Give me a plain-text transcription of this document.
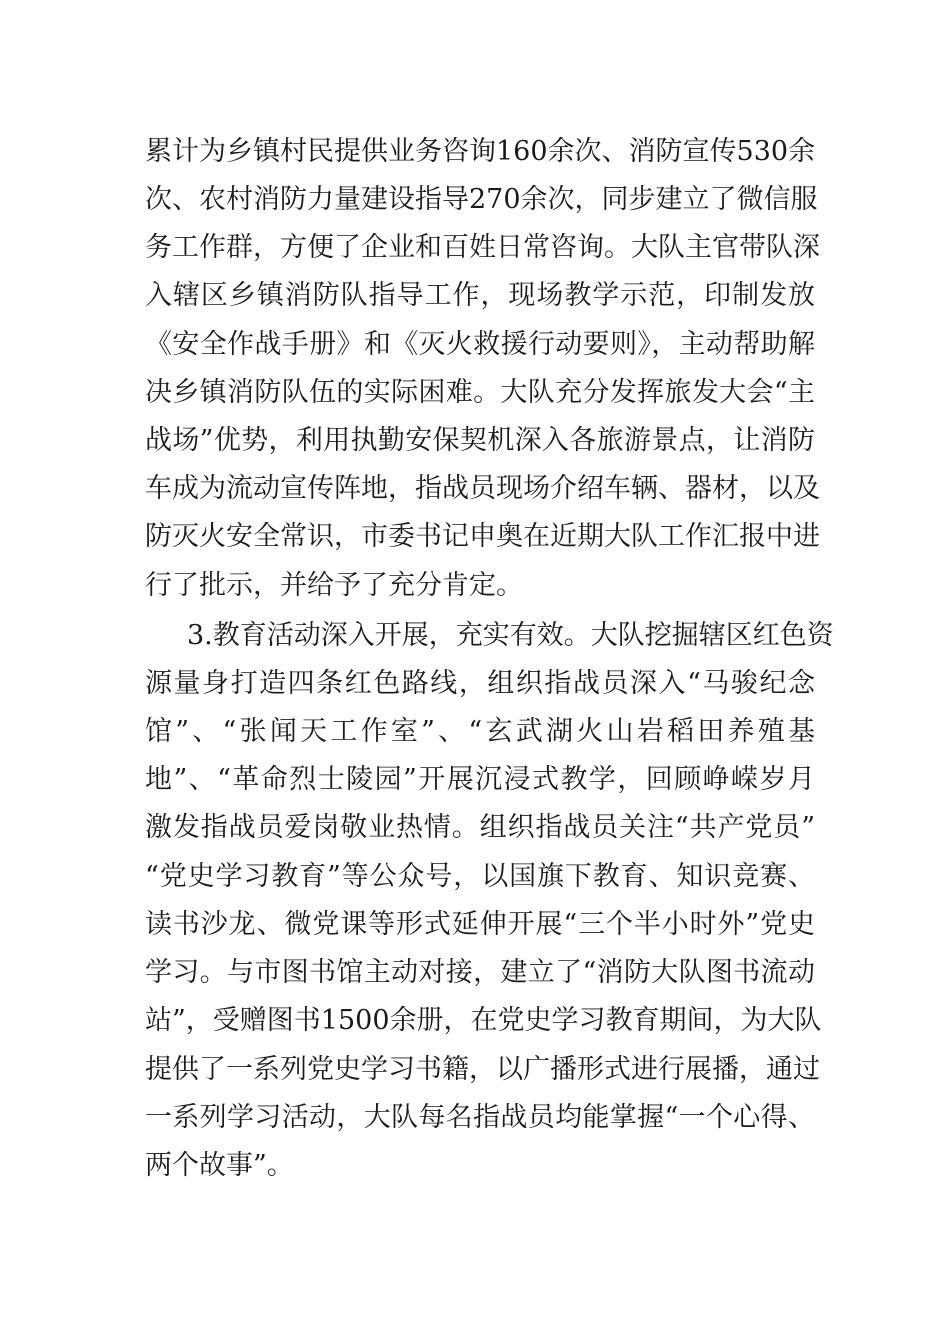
累计为乡镇村民提供业务咨询160余次、消防宣传530余
次、农村消防力量建设指导270余次，同步建立了微信服
务工作群，方便了企业和百姓日常咨询。大队主官带队深
入辖区乡镇消防队指导工作，现场教学示范，印制发放
《安全作战手册》和《灭火救援行动要则》，主动帮助解
决乡镇消防队伍的实际困难。大队充分发挥旅发大会“主
战场”优势，利用执勤安保契机深入各旅游景点，让消防
车成为流动宣传阵地，指战员现场介绍车辆、器材，以及
防灭火安全常识，市委书记申奥在近期大队工作汇报中进
行了批示，并给予了充分肯定。
3.教育活动深入开展，充实有效。大队挖掘辖区红色资
源量身打造四条红色路线，组织指战员深入“马骏纪念
馆”、“张闻天工作室”、“玄武湖火山岩稻田养殖基
地”、“革命烈士陵园”开展沉浸式教学，回顾峥嵘岁月
激发指战员爱岗敬业热情。组织指战员关注“共产党员”
“党史学习教育”等公众号，以国旗下教育、知识竞赛、
读书沙龙、微党课等形式延伸开展“三个半小时外”党史
学习。与市图书馆主动对接，建立了“消防大队图书流动
站”，受赠图书1500余册，在党史学习教育期间，为大队
提供了一系列党史学习书籍，以广播形式进行展播，通过
一系列学习活动，大队每名指战员均能掌握“一个心得、
两个故事”。
